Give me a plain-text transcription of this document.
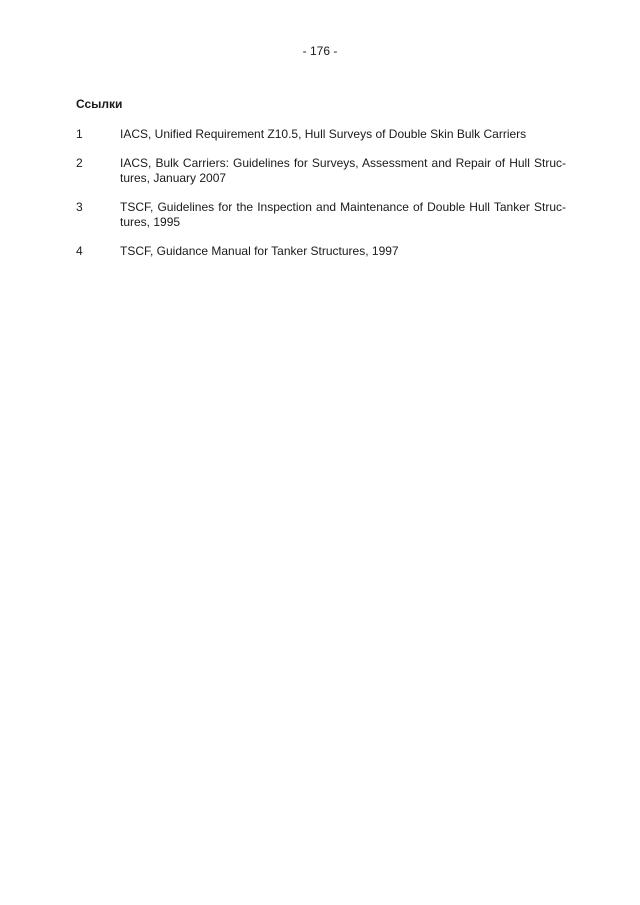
- 176 -
Ссылки
1	IACS, Unified Requirement Z10.5, Hull Surveys of Double Skin Bulk Carriers
2	IACS, Bulk Carriers: Guidelines for Surveys, Assessment and Repair of Hull Struc-tures, January 2007
3	TSCF, Guidelines for the Inspection and Maintenance of Double Hull Tanker Struc-tures, 1995
4	TSCF, Guidance Manual for Tanker Structures, 1997
